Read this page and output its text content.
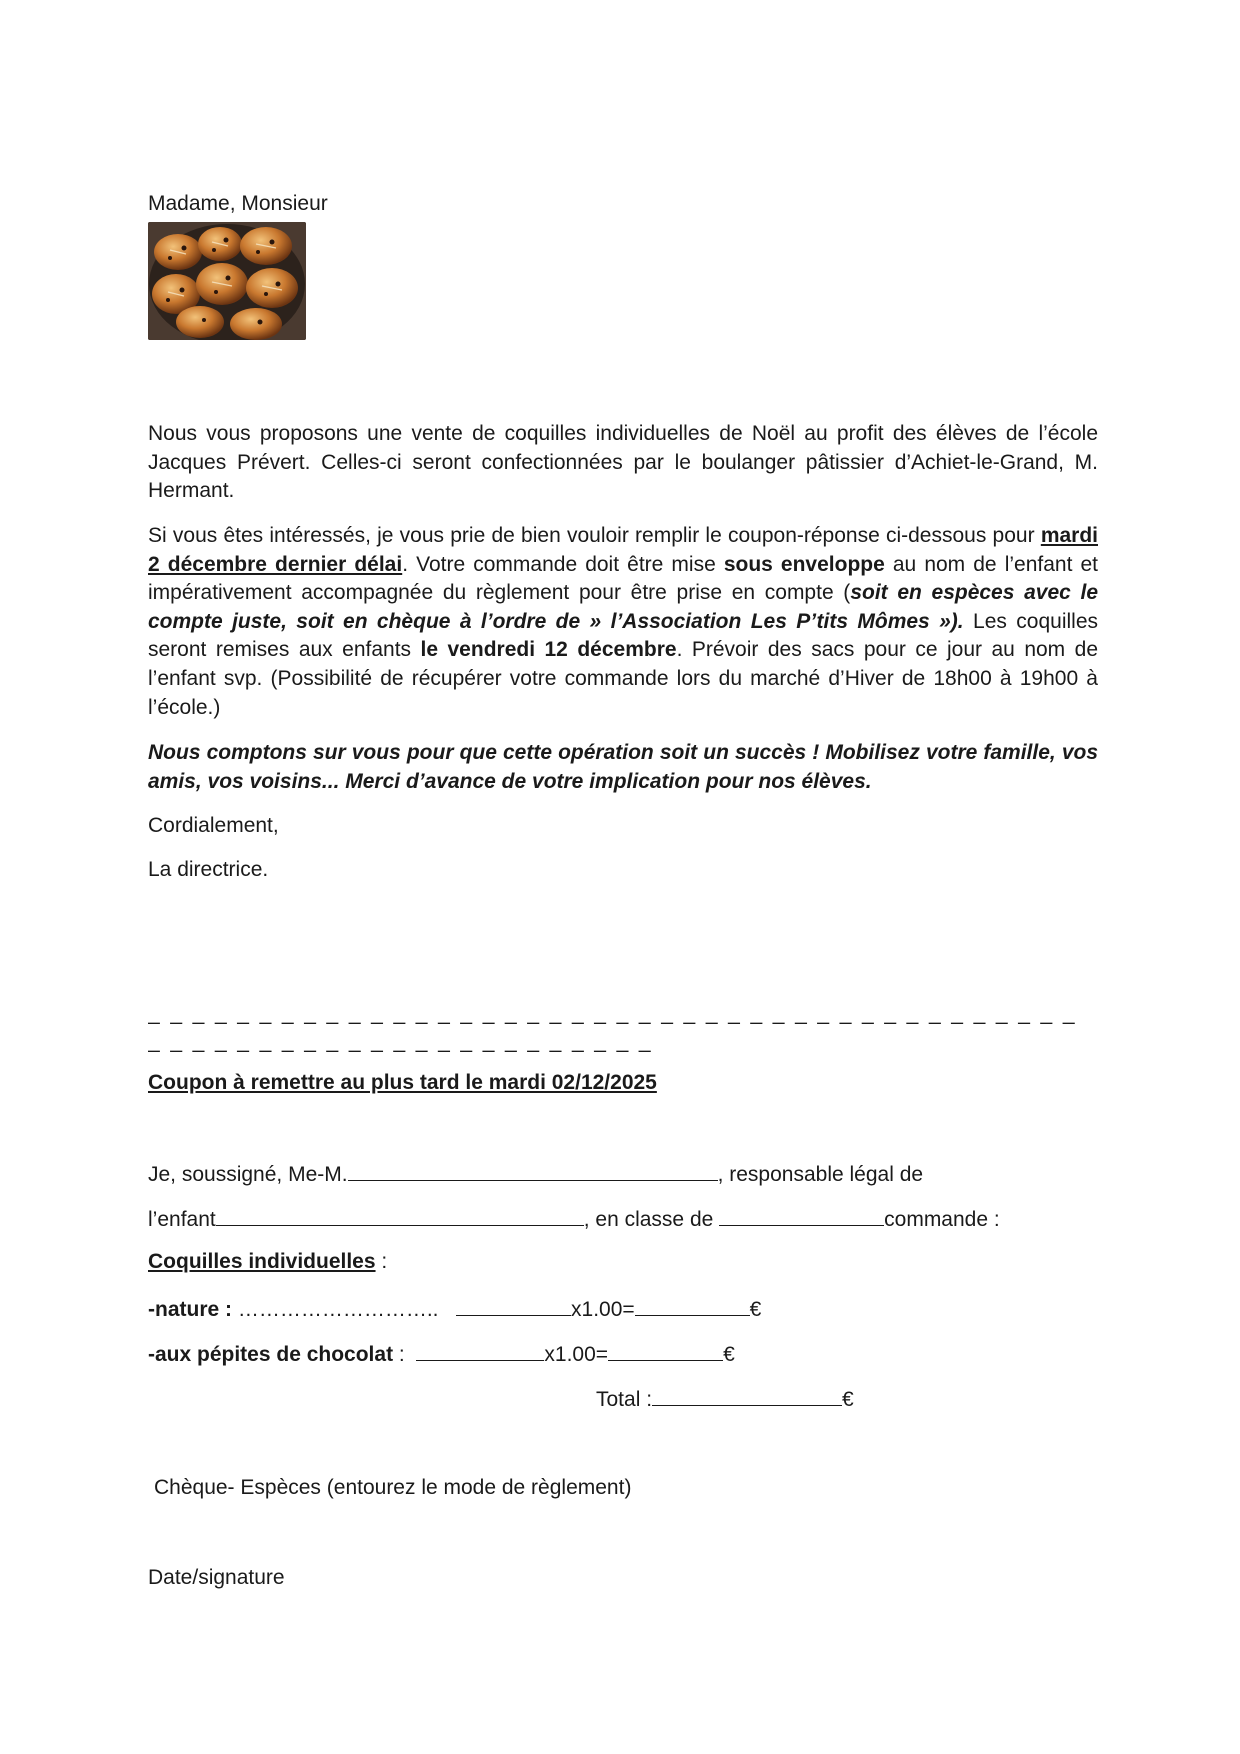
Madame, Monsieur

Nous vous proposons une vente de coquilles individuelles de Noël au profit des élèves de l’école Jacques Prévert. Celles-ci seront confectionnées par le boulanger pâtissier d’Achiet-le-Grand, M. Hermant.

Si vous êtes intéressés, je vous prie de bien vouloir remplir le coupon-réponse ci-dessous pour mardi 2 décembre dernier délai. Votre commande doit être mise sous enveloppe au nom de l’enfant et impérativement accompagnée du règlement pour être prise en compte (soit en espèces avec le compte juste, soit en chèque à l’ordre de » l’Association Les P’tits Mômes »). Les coquilles seront remises aux enfants le vendredi 12 décembre. Prévoir des sacs pour ce jour au nom de l’enfant svp. (Possibilité de récupérer votre commande lors du marché d’Hiver de 18h00 à 19h00 à l’école.)

Nous comptons sur vous pour que cette opération soit un succès ! Mobilisez votre famille, vos amis, vos voisins... Merci d’avance de votre implication pour nos élèves.

Cordialement,
La directrice.
_ _ _ _ _ _ _ _ _ _ _ _ _ _ _ _ _ _ _ _ _ _ _ _ _ _ _ _ _ _ _ _ _ _ _ _ _ _ _ _ _ _ _ _ _ _ _ _ _ _ _ _ _ _ _ _ _ _ _ _ _ _ _ _ _
Coupon à remettre au plus tard le mardi 02/12/2025
Je, soussigné, Me-M.	, responsable légal de
l’enfant	, en classe de	commande :
Coquilles individuelles :
-nature : ………………………..	x1.00=	€
-aux pépites de chocolat :	x1.00=	€
Total :	€
Chèque- Espèces (entourez le mode de règlement)
Date/signature
